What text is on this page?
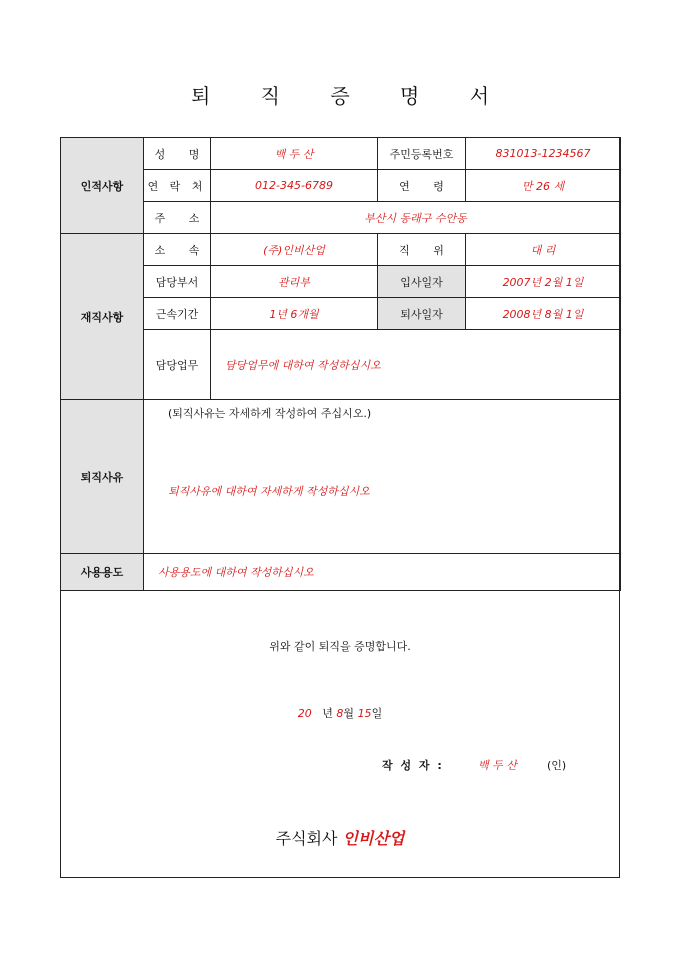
퇴 직 증 명 서
인적사항	성 명	백 두 산	주민등록번호	831013-1234567
	연 락 처	012-345-6789	연 령	만 26 세
	주 소	부산시 동래구 수안동		
재직사항	소 속	(주)인비산업	직 위	대 리
	담당부서	관리부	입사일자	2007년 2월 1일
	근속기간	1년 6개월	퇴사일자	2008년 8월 1일
	담당업무	담당업무에 대하여 작성하십시오		
퇴직사유	(퇴직사유는 자세하게 작성하여 주십시오.)
퇴직사유에 대하여 자세하게 작성하십시오			

사용용도	사용용도에 대하여 작성하십시오			
위와 같이 퇴직을 증명합니다.
20 년 8월 15일
작 성 자 :	백 두 산	(인)
주식회사 인비산업
